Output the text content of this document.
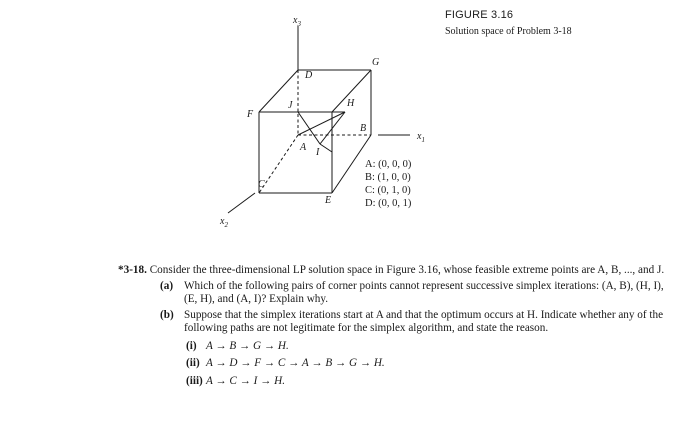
$x_3$
$x_1$
$x_2$
D
G
F
J	H
B
A I
C
E
A: (0, 0, 0)
B: (1, 0, 0)
C: (0, 1, 0)
D: (0, 0, 1)
FIGURE 3.16
Solution space of Problem 3-18

*3-18. Consider the three-dimensional LP solution space in Figure 3.16, whose feasible extreme points are A, B, ..., and J.

(a) Which of the following pairs of corner points cannot represent successive simplex iterations: (A, B), (H, I), (E, H), and (A, I)? Explain why.
(b) Suppose that the simplex iterations start at A and that the optimum occurs at H. Indicate whether any of the following paths are not legitimate for the simplex algorithm, and state the reason.
(i) A → B → G → H.
(ii) A → D → F → C → A → B → G → H.
(iii) A → C → I → H.
